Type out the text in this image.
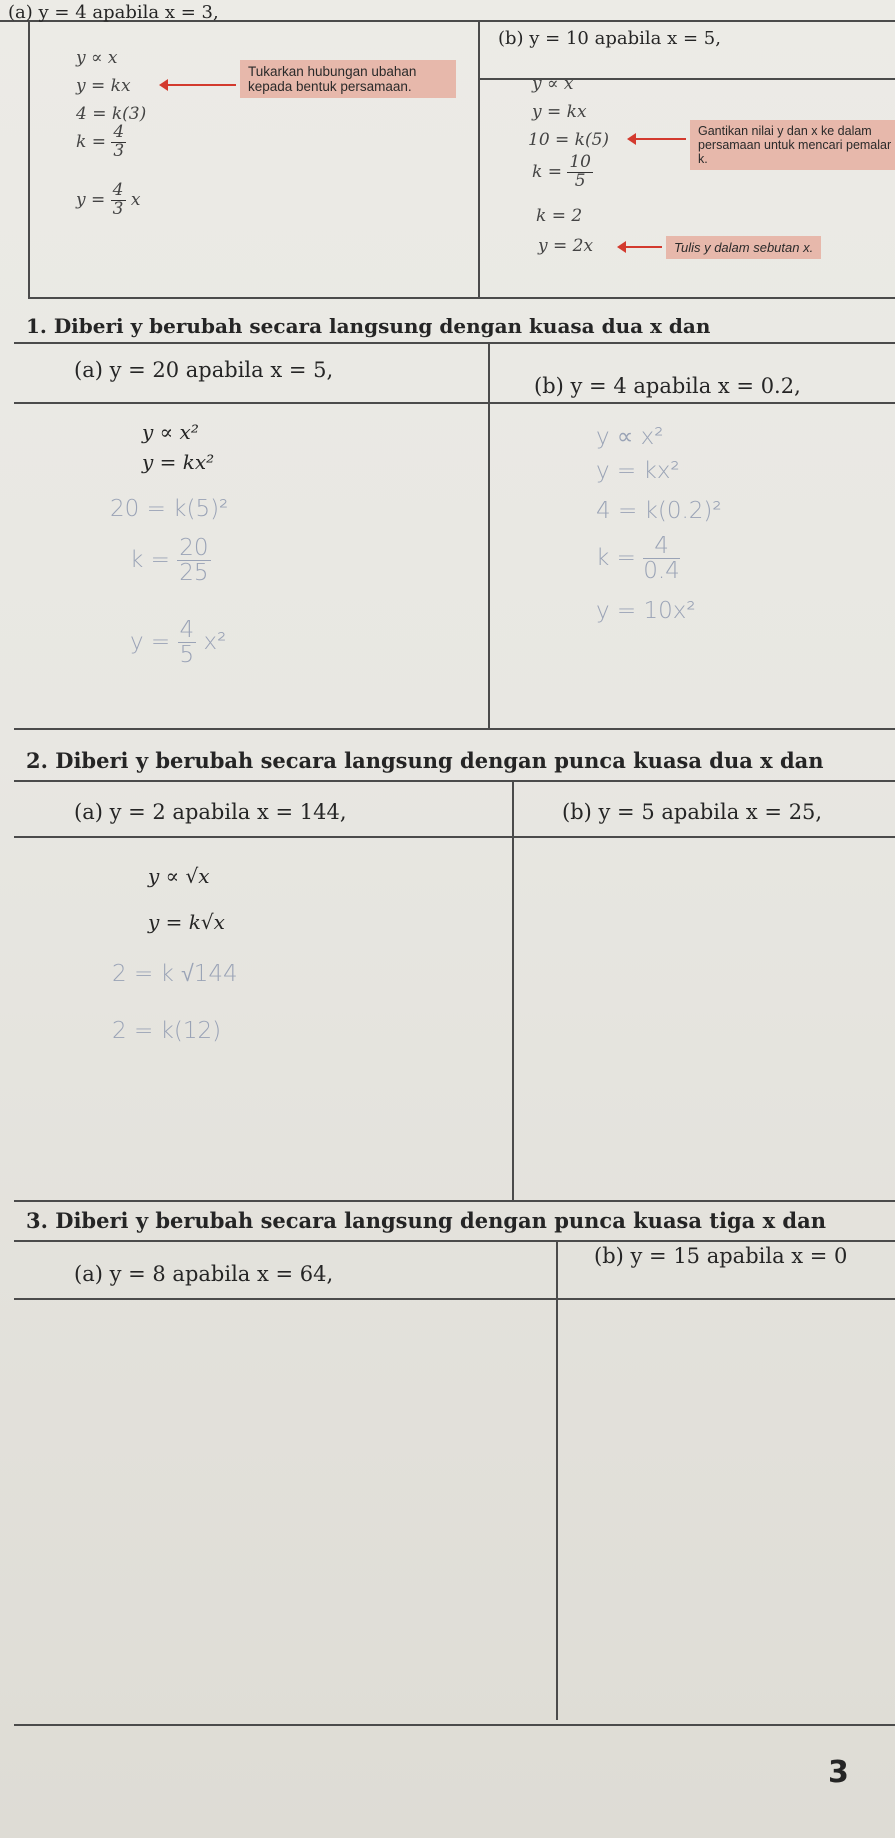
(a) y = 4 apabila x = 3,
y ∝ x
y = kx
4 = k(3)
$k = \frac{4}{3}$
$y = \frac{4}{3}$ x
Tukarkan hubungan ubahan kepada bentuk persamaan.
(b) y = 10 apabila x = 5,
y ∝ x
y = kx
10 = k(5)
$k = \frac{10}{5}$
k = 2
y = 2x
Gantikan nilai y dan x ke dalam persamaan untuk mencari pemalar k.
Tulis y dalam sebutan x.
1. Diberi y berubah secara langsung dengan kuasa dua x dan
(a) y = 20 apabila x = 5,
(b) y = 4 apabila x = 0.2,
y ∝ x²
y = kx²
20 = k(5)²
$k = \frac{20}{25}$
$y = \frac{4}{5} x^2$
y ∝ x²
y = kx²
4 = k(0.2)²
$k = \frac{4}{0.4}$
y = 10x²
2. Diberi y berubah secara langsung dengan punca kuasa dua x dan
(a) y = 2 apabila x = 144,	(b) y = 5 apabila x = 25,
y ∝ √x
y = k√x
2 = k √144
2 = k(12)
3. Diberi y berubah secara langsung dengan punca kuasa tiga x dan
(a) y = 8 apabila x = 64,
(b) y = 15 apabila x = 0
3
